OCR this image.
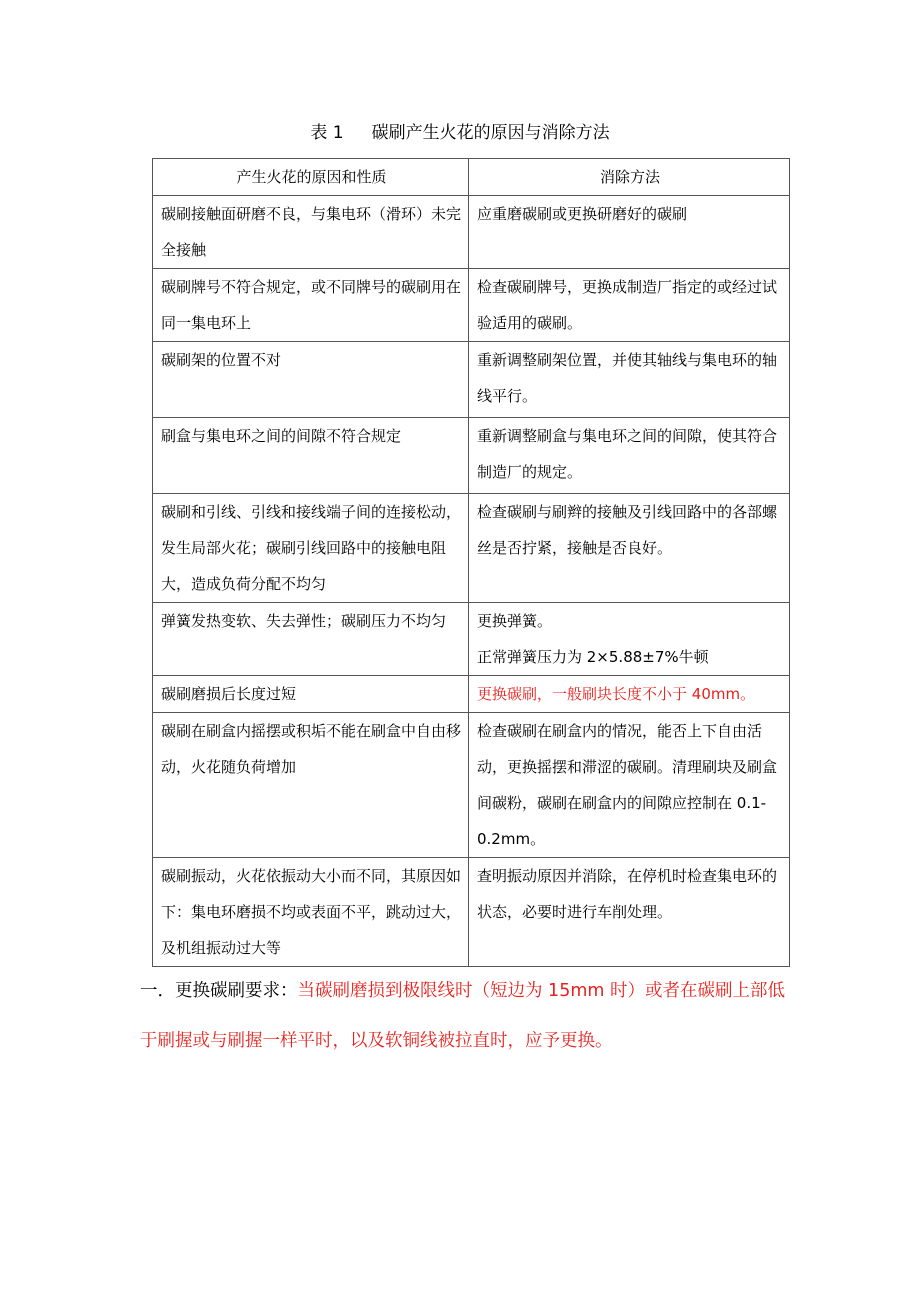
表 1 碳刷产生火花的原因与消除方法
产生火花的原因和性质	消除方法
碳刷接触面研磨不良，与集电环（滑环）未完全接触	应重磨碳刷或更换研磨好的碳刷

碳刷牌号不符合规定，或不同牌号的碳刷用在同一集电环上	检查碳刷牌号，更换成制造厂指定的或经过试验适用的碳刷。

碳刷架的位置不对	重新调整刷架位置，并使其轴线与集电环的轴线平行。

刷盒与集电环之间的间隙不符合规定	重新调整刷盒与集电环之间的间隙，使其符合制造厂的规定。

碳刷和引线、引线和接线端子间的连接松动，发生局部火花；碳刷引线回路中的接触电阻大，造成负荷分配不均匀	检查碳刷与刷辫的接触及引线回路中的各部螺丝是否拧紧，接触是否良好。

弹簧发热变软、失去弹性；碳刷压力不均匀	更换弹簧。
正常弹簧压力为 2×5.88±7%牛顿

碳刷磨损后长度过短	更换碳刷，一般刷块长度不小于 40mm。

碳刷在刷盒内摇摆或积垢不能在刷盒中自由移动，火花随负荷增加	检查碳刷在刷盒内的情况，能否上下自由活动，更换摇摆和滞涩的碳刷。清理刷块及刷盒间碳粉，碳刷在刷盒内的间隙应控制在 0.1-0.2mm。

碳刷振动，火花依振动大小而不同，其原因如下：集电环磨损不均或表面不平，跳动过大，及机组振动过大等	查明振动原因并消除，在停机时检查集电环的状态，必要时进行车削处理。
一．更换碳刷要求：当碳刷磨损到极限线时（短边为 15mm 时）或者在碳刷上部低于刷握或与刷握一样平时，以及软铜线被拉直时，应予更换。
